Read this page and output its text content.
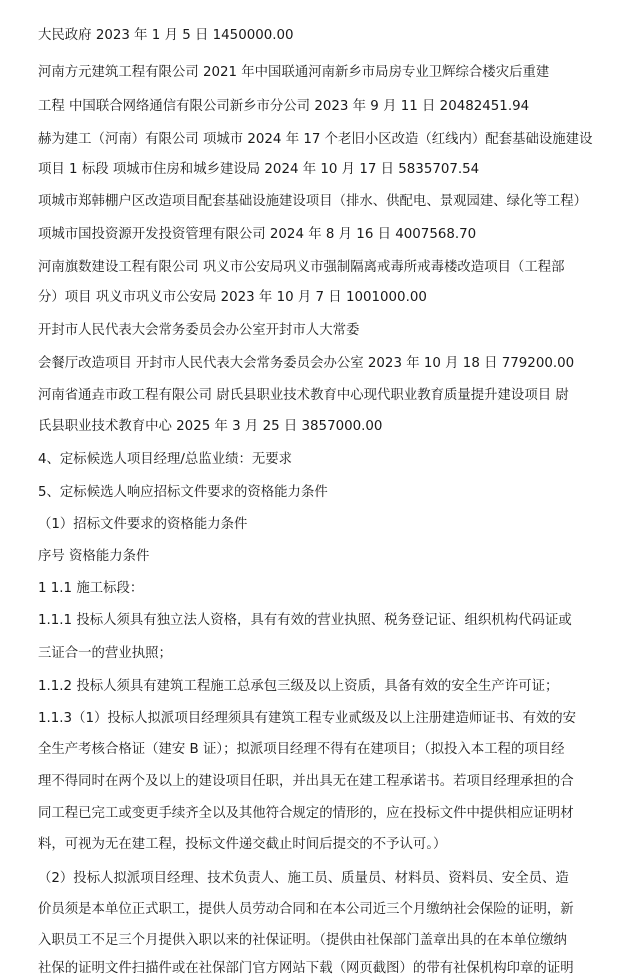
大民政府 2023 年 1 月 5 日 1450000.00
河南方元建筑工程有限公司 2021 年中国联通河南新乡市局房专业卫辉综合楼灾后重建
工程 中国联合网络通信有限公司新乡市分公司 2023 年 9 月 11 日 20482451.94
赫为建工（河南）有限公司 项城市 2024 年 17 个老旧小区改造（红线内）配套基础设施建设
项目 1 标段 项城市住房和城乡建设局 2024 年 10 月 17 日 5835707.54
项城市郑韩棚户区改造项目配套基础设施建设项目（排水、供配电、景观园建、绿化等工程）
项城市国投资源开发投资管理有限公司 2024 年 8 月 16 日 4007568.70
河南旗数建设工程有限公司 巩义市公安局巩义市强制隔离戒毒所戒毒楼改造项目（工程部
分）项目 巩义市巩义市公安局 2023 年 10 月 7 日 1001000.00
开封市人民代表大会常务委员会办公室开封市人大常委
会餐厅改造项目 开封市人民代表大会常务委员会办公室 2023 年 10 月 18 日 779200.00
河南省通垚市政工程有限公司 尉氏县职业技术教育中心现代职业教育质量提升建设项目 尉
氏县职业技术教育中心 2025 年 3 月 25 日 3857000.00
4、定标候选人项目经理/总监业绩：无要求
5、定标候选人响应招标文件要求的资格能力条件
（1）招标文件要求的资格能力条件
序号 资格能力条件
1 1.1 施工标段：
1.1.1 投标人须具有独立法人资格，具有有效的营业执照、税务登记证、组织机构代码证或
三证合一的营业执照；
1.1.2 投标人须具有建筑工程施工总承包三级及以上资质，具备有效的安全生产许可证；
1.1.3（1）投标人拟派项目经理须具有建筑工程专业贰级及以上注册建造师证书、有效的安
全生产考核合格证（建安 B 证）；拟派项目经理不得有在建项目；（拟投入本工程的项目经
理不得同时在两个及以上的建设项目任职，并出具无在建工程承诺书。若项目经理承担的合
同工程已完工或变更手续齐全以及其他符合规定的情形的，应在投标文件中提供相应证明材
料，可视为无在建工程，投标文件递交截止时间后提交的不予认可。）
（2）投标人拟派项目经理、技术负责人、施工员、质量员、材料员、资料员、安全员、造
价员须是本单位正式职工，提供人员劳动合同和在本公司近三个月缴纳社会保险的证明，新
入职员工不足三个月提供入职以来的社保证明。（提供由社保部门盖章出具的在本单位缴纳
社保的证明文件扫描件或在社保部门官方网站下载（网页截图）的带有社保机构印章的证明
